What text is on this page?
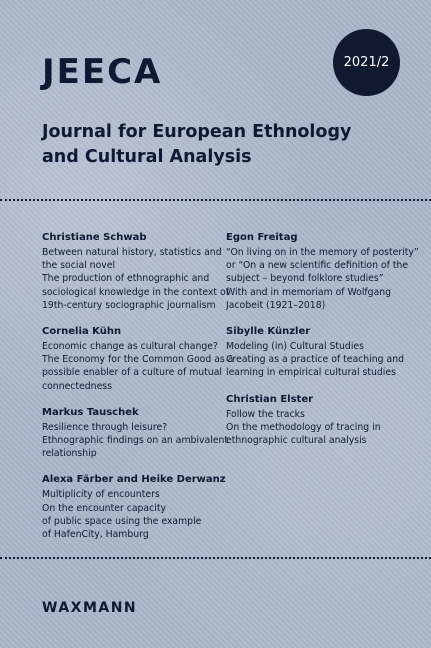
JEECA	2021/2
Journal for European Ethnology
and Cultural Analysis
Christiane Schwab
Between natural history, statistics and
the social novel
The production of ethnographic and
sociological knowledge in the context of
19th-century sociographic journalism
Cornelia Kühn
Economic change as cultural change?
The Economy for the Common Good as a
possible enabler of a culture of mutual
connectedness
Markus Tauschek
Resilience through leisure?
Ethnographic findings on an ambivalent
relationship
Alexa Färber and Heike Derwanz
Multiplicity of encounters
On the encounter capacity
of public space using the example
of HafenCity, Hamburg
Egon Freitag
“On living on in the memory of posterity”
or “On a new scientific definition of the
subject – beyond folklore studies”
With and in memoriam of Wolfgang
Jacobeit (1921–2018)
Sibylle Künzler
Modeling (in) Cultural Studies
Creating as a practice of teaching and
learning in empirical cultural studies
Christian Elster
Follow the tracks
On the methodology of tracing in
ethnographic cultural analysis
WAXMANN
